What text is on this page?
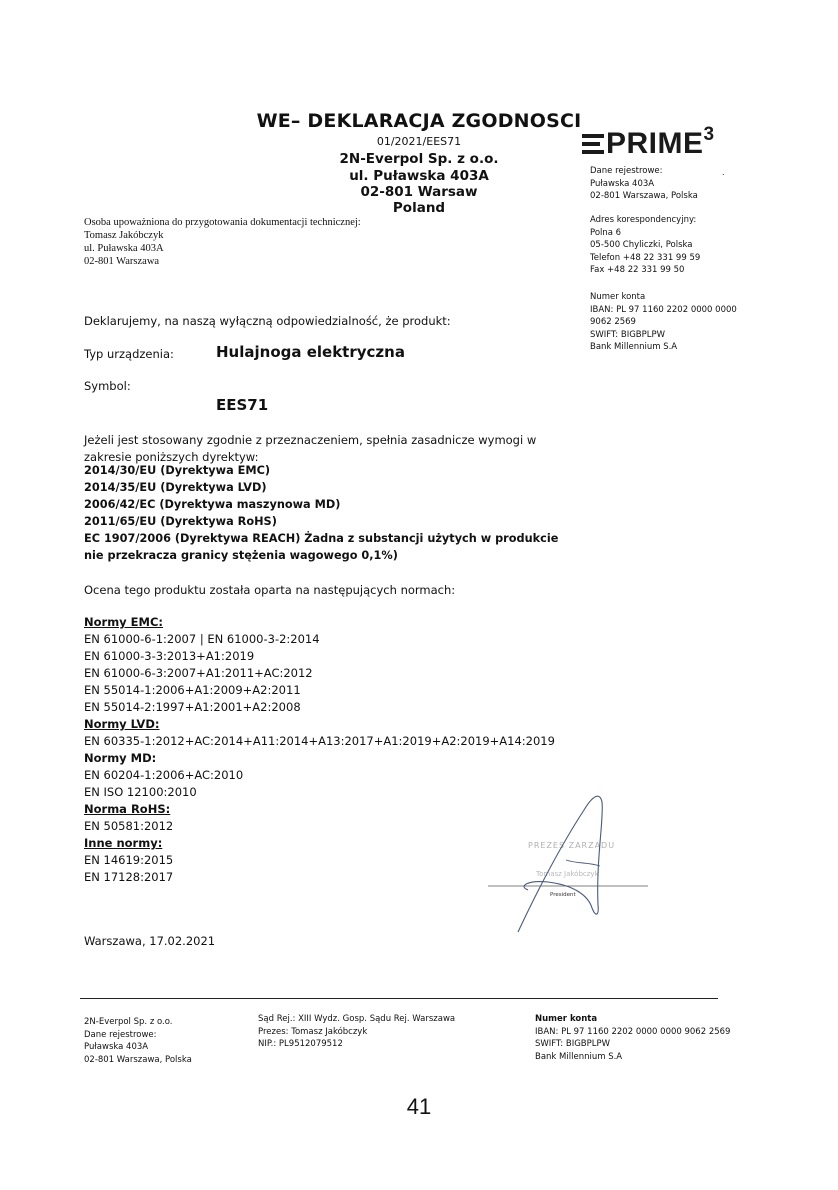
WE– DEKLARACJA ZGODNOSCI
01/2021/EES71
2N-Everpol Sp. z o.o.
ul. Puławska 403A
02-801 Warsaw
Poland
Osoba upoważniona do przygotowania dokumentacji technicznej:
Tomasz Jakóbczyk
ul. Puławska 403A
02-801 Warszawa
PRIME$^3$
Dane rejestrowe:
Puławska 403A
02-801 Warszawa, Polska
.
Adres korespondencyjny:
Polna 6
05-500 Chyliczki, Polska
Telefon +48 22 331 99 59
Fax +48 22 331 99 50
Numer konta
IBAN: PL 97 1160 2202 0000 0000
9062 2569
SWIFT: BIGBPLPW
Bank Millennium S.A
Deklarujemy, na naszą wyłączną odpowiedzialność, że produkt:
Typ urządzenia:	Hulajnoga elektryczna
Symbol:
EES71
Jeżeli jest stosowany zgodnie z przeznaczeniem, spełnia zasadnicze wymogi w
zakresie poniższych dyrektyw:
2014/30/EU (Dyrektywa EMC)
2014/35/EU (Dyrektywa LVD)
2006/42/EC (Dyrektywa maszynowa MD)
2011/65/EU (Dyrektywa RoHS)
EC 1907/2006 (Dyrektywa REACH) Żadna z substancji użytych w produkcie
nie przekracza granicy stężenia wagowego 0,1%)
Ocena tego produktu została oparta na następujących normach:
Normy EMC:
EN 61000-6-1:2007 | EN 61000-3-2:2014
EN 61000-3-3:2013+A1:2019
EN 61000-6-3:2007+A1:2011+AC:2012
EN 55014-1:2006+A1:2009+A2:2011
EN 55014-2:1997+A1:2001+A2:2008
Normy LVD:
EN 60335-1:2012+AC:2014+A11:2014+A13:2017+A1:2019+A2:2019+A14:2019
Normy MD:
EN 60204-1:2006+AC:2010
EN ISO 12100:2010
Norma RoHS:
EN 50581:2012
Inne normy:
EN 14619:2015
EN 17128:2017
PREZES ZARZĄDU
Tomasz Jakóbczyk
President
Warszawa, 17.02.2021
2N-Everpol Sp. z o.o.
Dane rejestrowe:
Puławska 403A
02-801 Warszawa, Polska
Sąd Rej.: XIII Wydz. Gosp. Sądu Rej. Warszawa
Prezes: Tomasz Jakóbczyk
NIP.: PL9512079512
Numer konta
IBAN: PL 97 1160 2202 0000 0000 9062 2569
SWIFT: BIGBPLPW
Bank Millennium S.A
41
